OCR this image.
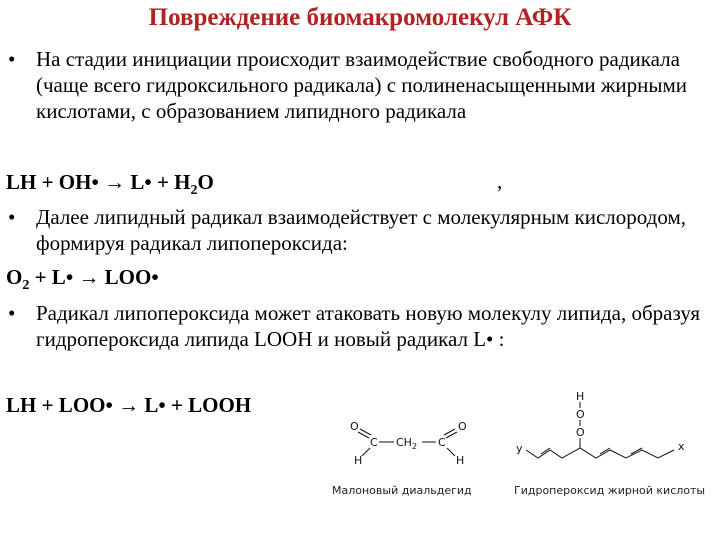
Повреждение биомакромолекул АФК
• На стадии инициации происходит взаимодействие свободного радикала (чаще всего гидроксильного радикала) с полиненасыщенными жирными кислотами, с образованием липидного радикала
LH + OH• → L• + $H_2O$	,
• Далее липидный радикал взаимодействует с молекулярным кислородом, формируя радикал липопероксида:
$O_2$ + L• → LOO•
• Радикал липопероксида может атаковать новую молекулу липида, образуя гидропероксида липида LOOH и новый радикал L• :
LH + LOO• → L• + LOOH
O	O
C $CH_2$ C
H	H
Малоновый диальдегид
H
O
O
y	x
Гидропероксид жирной кислоты
